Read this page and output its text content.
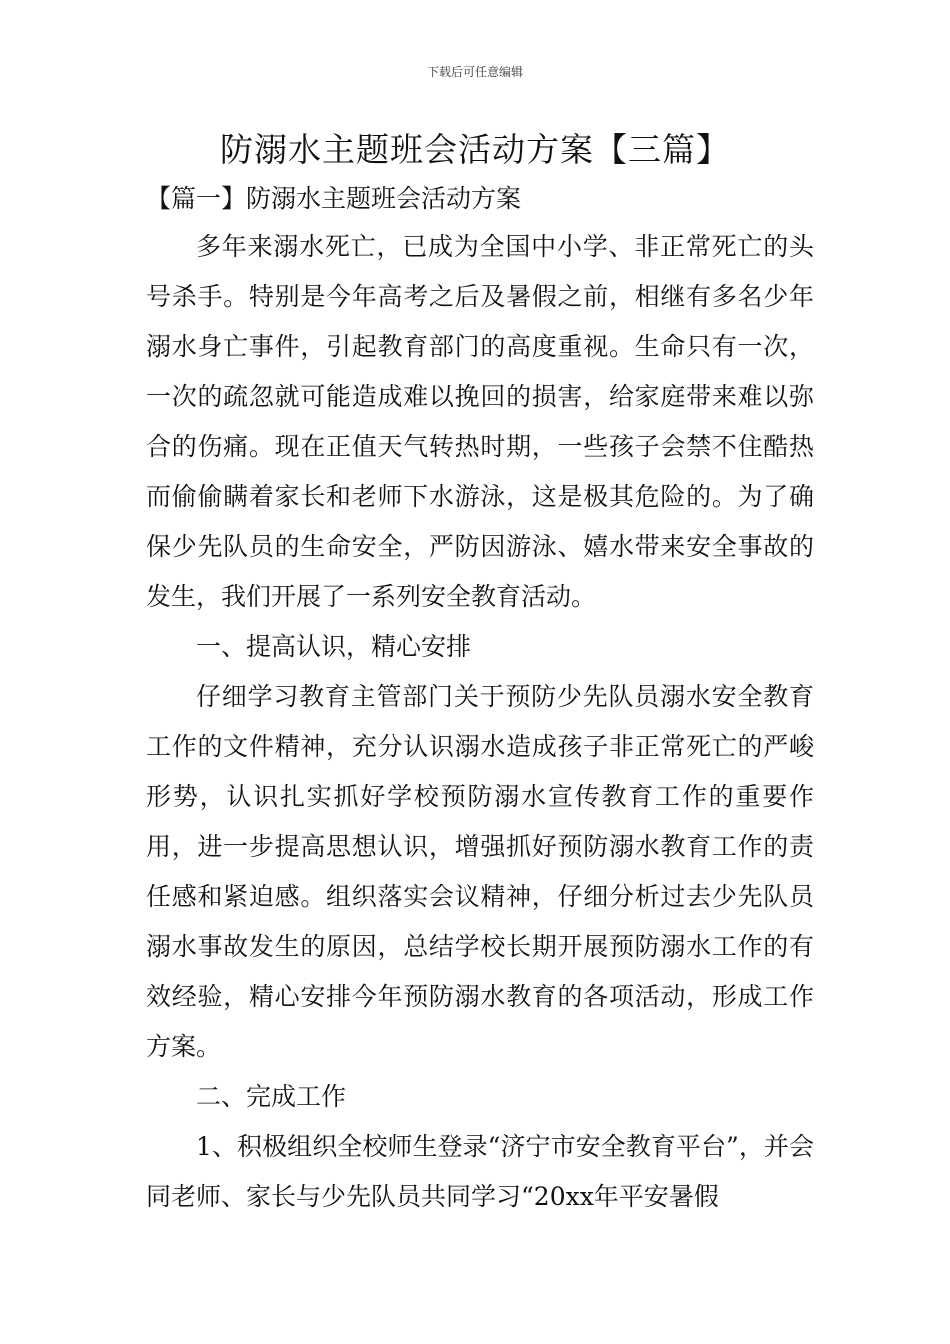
下载后可任意编辑
防溺水主题班会活动方案【三篇】

【篇一】防溺水主题班会活动方案

多年来溺水死亡，已成为全国中小学、非正常死亡的头号杀手。特别是今年高考之后及暑假之前，相继有多名少年溺水身亡事件，引起教育部门的高度重视。生命只有一次，一次的疏忽就可能造成难以挽回的损害，给家庭带来难以弥合的伤痛。现在正值天气转热时期，一些孩子会禁不住酷热而偷偷瞒着家长和老师下水游泳，这是极其危险的。为了确保少先队员的生命安全，严防因游泳、嬉水带来安全事故的发生，我们开展了一系列安全教育活动。

一、提高认识，精心安排

仔细学习教育主管部门关于预防少先队员溺水安全教育工作的文件精神，充分认识溺水造成孩子非正常死亡的严峻形势，认识扎实抓好学校预防溺水宣传教育工作的重要作用，进一步提高思想认识，增强抓好预防溺水教育工作的责任感和紧迫感。组织落实会议精神，仔细分析过去少先队员溺水事故发生的原因，总结学校长期开展预防溺水工作的有效经验，精心安排今年预防溺水教育的各项活动，形成工作方案。

二、完成工作

1、积极组织全校师生登录“济宁市安全教育平台”，并会同老师、家长与少先队员共同学习“20xx年平安暑假
